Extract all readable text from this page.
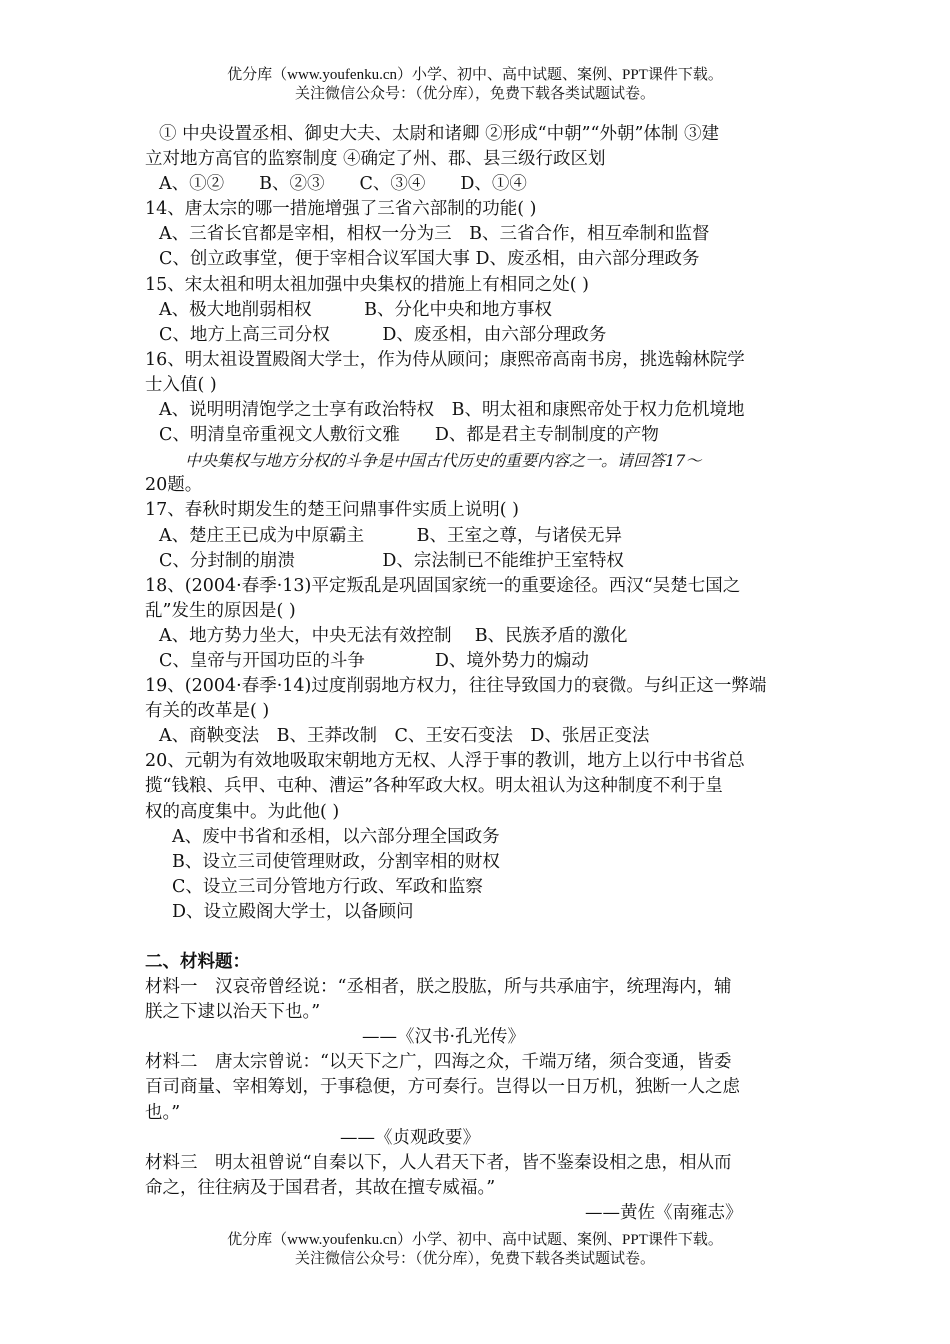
优分库（www.youfenku.cn）小学、初中、高中试题、案例、PPT课件下载。
关注微信公众号：（优分库），免费下载各类试题试卷。
① 中央设置丞相、御史大夫、太尉和诸卿 ②形成“中朝”“外朝”体制 ③建
立对地方高官的监察制度 ④确定了州、郡、县三级行政区划
A、①②　　B、②③　　C、③④　　D、①④
14、唐太宗的哪一措施增强了三省六部制的功能( )
A、三省长官都是宰相，相权一分为三　B、三省合作，相互牵制和监督
C、创立政事堂，便于宰相合议军国大事 D、废丞相，由六部分理政务
15、宋太祖和明太祖加强中央集权的措施上有相同之处( )
A、极大地削弱相权　　　B、分化中央和地方事权
C、地方上高三司分权　　　D、废丞相，由六部分理政务
16、明太祖设置殿阁大学士，作为侍从顾问；康熙帝高南书房，挑选翰林院学
士入值( )
A、说明明清饱学之士享有政治特权　B、明太祖和康熙帝处于权力危机境地
C、明清皇帝重视文人敷衍文雅　　D、都是君主专制制度的产物
中央集权与地方分权的斗争是中国古代历史的重要内容之一。请回答17～
20题。
17、春秋时期发生的楚王问鼎事件实质上说明( )
A、楚庄王已成为中原霸主　　　B、王室之尊，与诸侯无异
C、分封制的崩溃　　　　　D、宗法制已不能维护王室特权
18、(2004·春季·13)平定叛乱是巩固国家统一的重要途径。西汉“吴楚七国之
乱”发生的原因是( )
A、地方势力坐大，中央无法有效控制　 B、民族矛盾的激化
C、皇帝与开国功臣的斗争　　　　D、境外势力的煽动
19、(2004·春季·14)过度削弱地方权力，往往导致国力的衰微。与纠正这一弊端
有关的改革是( )
A、商鞅变法　B、王莽改制　C、王安石变法　D、张居正变法
20、元朝为有效地吸取宋朝地方无权、人浮于事的教训，地方上以行中书省总
揽“钱粮、兵甲、屯种、漕运”各种军政大权。明太祖认为这种制度不利于皇
权的高度集中。为此他( )
A、废中书省和丞相，以六部分理全国政务
B、设立三司使管理财政，分割宰相的财权
C、设立三司分管地方行政、军政和监察
D、设立殿阁大学士，以备顾问
二、材料题：
材料一　汉哀帝曾经说：“丞相者，朕之股肱，所与共承庙宇，统理海内，辅
朕之下逮以治天下也。”
——《汉书·孔光传》
材料二　唐太宗曾说：“以天下之广，四海之众，千端万绪，须合变通，皆委
百司商量、宰相筹划，于事稳便，方可奏行。岂得以一日万机，独断一人之虑
也。”
——《贞观政要》
材料三　明太祖曾说“自秦以下，人人君天下者，皆不鉴秦设相之患，相从而
命之，往往病及于国君者，其故在擅专威福。”
——黄佐《南雍志》
优分库（www.youfenku.cn）小学、初中、高中试题、案例、PPT课件下载。
关注微信公众号：（优分库），免费下载各类试题试卷。
